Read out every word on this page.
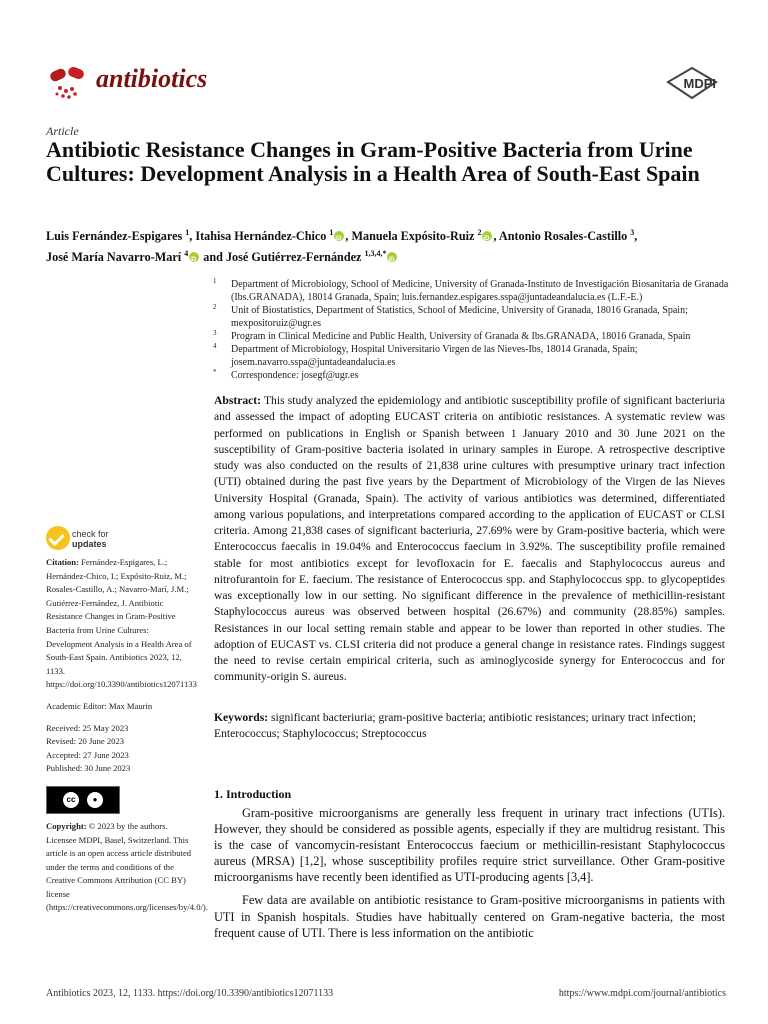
antibiotics	MDPI
Article
Antibiotic Resistance Changes in Gram-Positive Bacteria from Urine Cultures: Development Analysis in a Health Area of South-East Spain
Luis Fernández-Espigares $^1$, Itahisa Hernández-Chico $^1$ iD , Manuela Expósito-Ruiz $^2$ iD , Antonio Rosales-Castillo $^3$,
José María Navarro-Marí $^4$iD and José Gutiérrez-Fernández $^{1,3,4,*}$iD
1 Department of Microbiology, School of Medicine, University of Granada-Instituto de Investigación Biosanitaria de Granada (Ibs.GRANADA), 18014 Granada, Spain; luis.fernandez.espigares.sspa@juntadeandalucia.es (L.F.-E.)
2 Unit of Biostatistics, Department of Statistics, School of Medicine, University of Granada, 18016 Granada, Spain; mexpositoruiz@ugr.es
3 Program in Clinical Medicine and Public Health, University of Granada & Ibs.GRANADA, 18016 Granada, Spain
4 Department of Microbiology, Hospital Universitario Virgen de las Nieves-Ibs, 18014 Granada, Spain; josem.navarro.sspa@juntadeandalucia.es
* Correspondence: josegf@ugr.es
Abstract: This study analyzed the epidemiology and antibiotic susceptibility profile of significant bacteriuria and assessed the impact of adopting EUCAST criteria on antibiotic resistances. A systematic review was performed on publications in English or Spanish between 1 January 2010 and 30 June 2021 on the susceptibility of Gram-positive bacteria isolated in urinary samples in Europe. A retrospective descriptive study was also conducted on the results of 21,838 urine cultures with presumptive urinary tract infection (UTI) obtained during the past five years by the Department of Microbiology of the Virgen de las Nieves University Hospital (Granada, Spain). The activity of various antibiotics was determined, differentiated among various populations, and interpretations compared according to the application of EUCAST or CLSI criteria. Among 21,838 cases of significant bacteriuria, 27.69% were by Gram-positive bacteria, which were Enterococcus faecalis in 19.04% and Enterococcus faecium in 3.92%. The susceptibility profile remained stable for most antibiotics except for levofloxacin for E. faecalis and Staphylococcus aureus and nitrofurantoin for E. faecium. The resistance of Enterococcus spp. and Staphylococcus spp. to glycopeptides was exceptionally low in our setting. No significant difference in the prevalence of methicillin-resistant Staphylococcus aureus was observed between hospital (26.67%) and community (28.85%) samples. Resistances in our local setting remain stable and appear to be lower than reported in other studies. The adoption of EUCAST vs. CLSI criteria did not produce a general change in resistance rates. Findings suggest the need to revise certain empirical criteria, such as aminoglycoside synergy for Enterococcus and for community-origin S. aureus.
Keywords: significant bacteriuria; gram-positive bacteria; antibiotic resistances; urinary tract infection; Enterococcus; Staphylococcus; Streptococcus
check for
updates

Citation: Fernández-Espigares, L.; Hernández-Chico, I.; Expósito-Ruiz, M.; Rosales-Castillo, A.; Navarro-Marí, J.M.; Gutiérrez-Fernández, J. Antibiotic Resistance Changes in Gram-Positive Bacteria from Urine Cultures: Development Analysis in a Health Area of South-East Spain. Antibiotics 2023, 12, 1133. https://doi.org/10.3390/antibiotics12071133

Academic Editor: Max Maurin

Received: 25 May 2023
Revised: 20 June 2023
Accepted: 27 June 2023
Published: 30 June 2023
cc	●

Copyright: © 2023 by the authors. Licensee MDPI, Basel, Switzerland. This article is an open access article distributed under the terms and conditions of the Creative Commons Attribution (CC BY) license (https://creativecommons.org/licenses/by/4.0/).

1. Introduction

Gram-positive microorganisms are generally less frequent in urinary tract infections (UTIs). However, they should be considered as possible agents, especially if they are multidrug resistant. This is the case of vancomycin-resistant Enterococcus faecium or methicillin-resistant Staphylococcus aureus (MRSA) [1,2], whose susceptibility profiles require strict surveillance. Other Gram-positive microorganisms have recently been identified as UTI-producing agents [3,4].

Few data are available on antibiotic resistance to Gram-positive microorganisms in patients with UTI in Spanish hospitals. Studies have habitually centered on Gram-negative bacteria, the most frequent cause of UTI. There is less information on the antibiotic

Antibiotics 2023, 12, 1133. https://doi.org/10.3390/antibiotics12071133	https://www.mdpi.com/journal/antibiotics
